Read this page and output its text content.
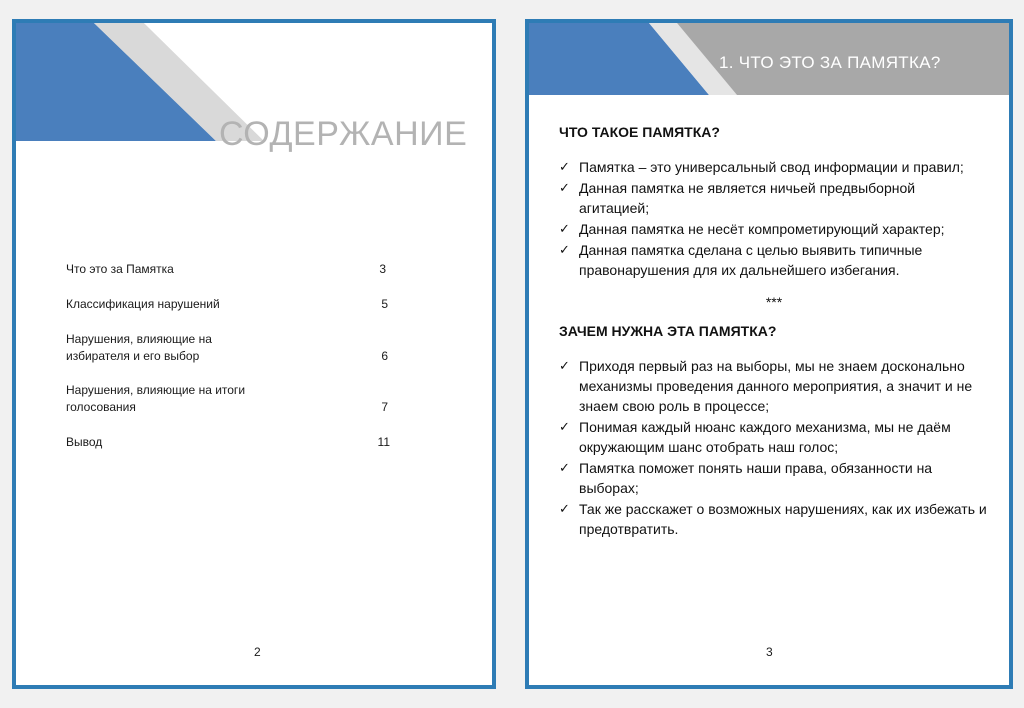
СОДЕРЖАНИЕ
Что это за Памятка	3
Классификация нарушений	5
Нарушения, влияющие на избирателя и его выбор	6
Нарушения, влияющие на итоги голосования	7
Вывод	11
2
1. ЧТО ЭТО ЗА ПАМЯТКА?
ЧТО ТАКОЕ ПАМЯТКА?
✓ Памятка – это универсальный свод информации и правил;
✓ Данная памятка не является ничьей предвыборной агитацией;
✓ Данная памятка не несёт компрометирующий характер;
✓ Данная памятка сделана с целью выявить типичные правонарушения для их дальнейшего избегания.
***
ЗАЧЕМ НУЖНА ЭТА ПАМЯТКА?
✓ Приходя первый раз на выборы, мы не знаем досконально механизмы проведения данного мероприятия, а значит и не знаем свою роль в процессе;
✓ Понимая каждый нюанс каждого механизма, мы не даём окружающим шанс отобрать наш голос;
✓ Памятка поможет понять наши права, обязанности на выборах;
✓ Так же расскажет о возможных нарушениях, как их избежать и предотвратить.
3
